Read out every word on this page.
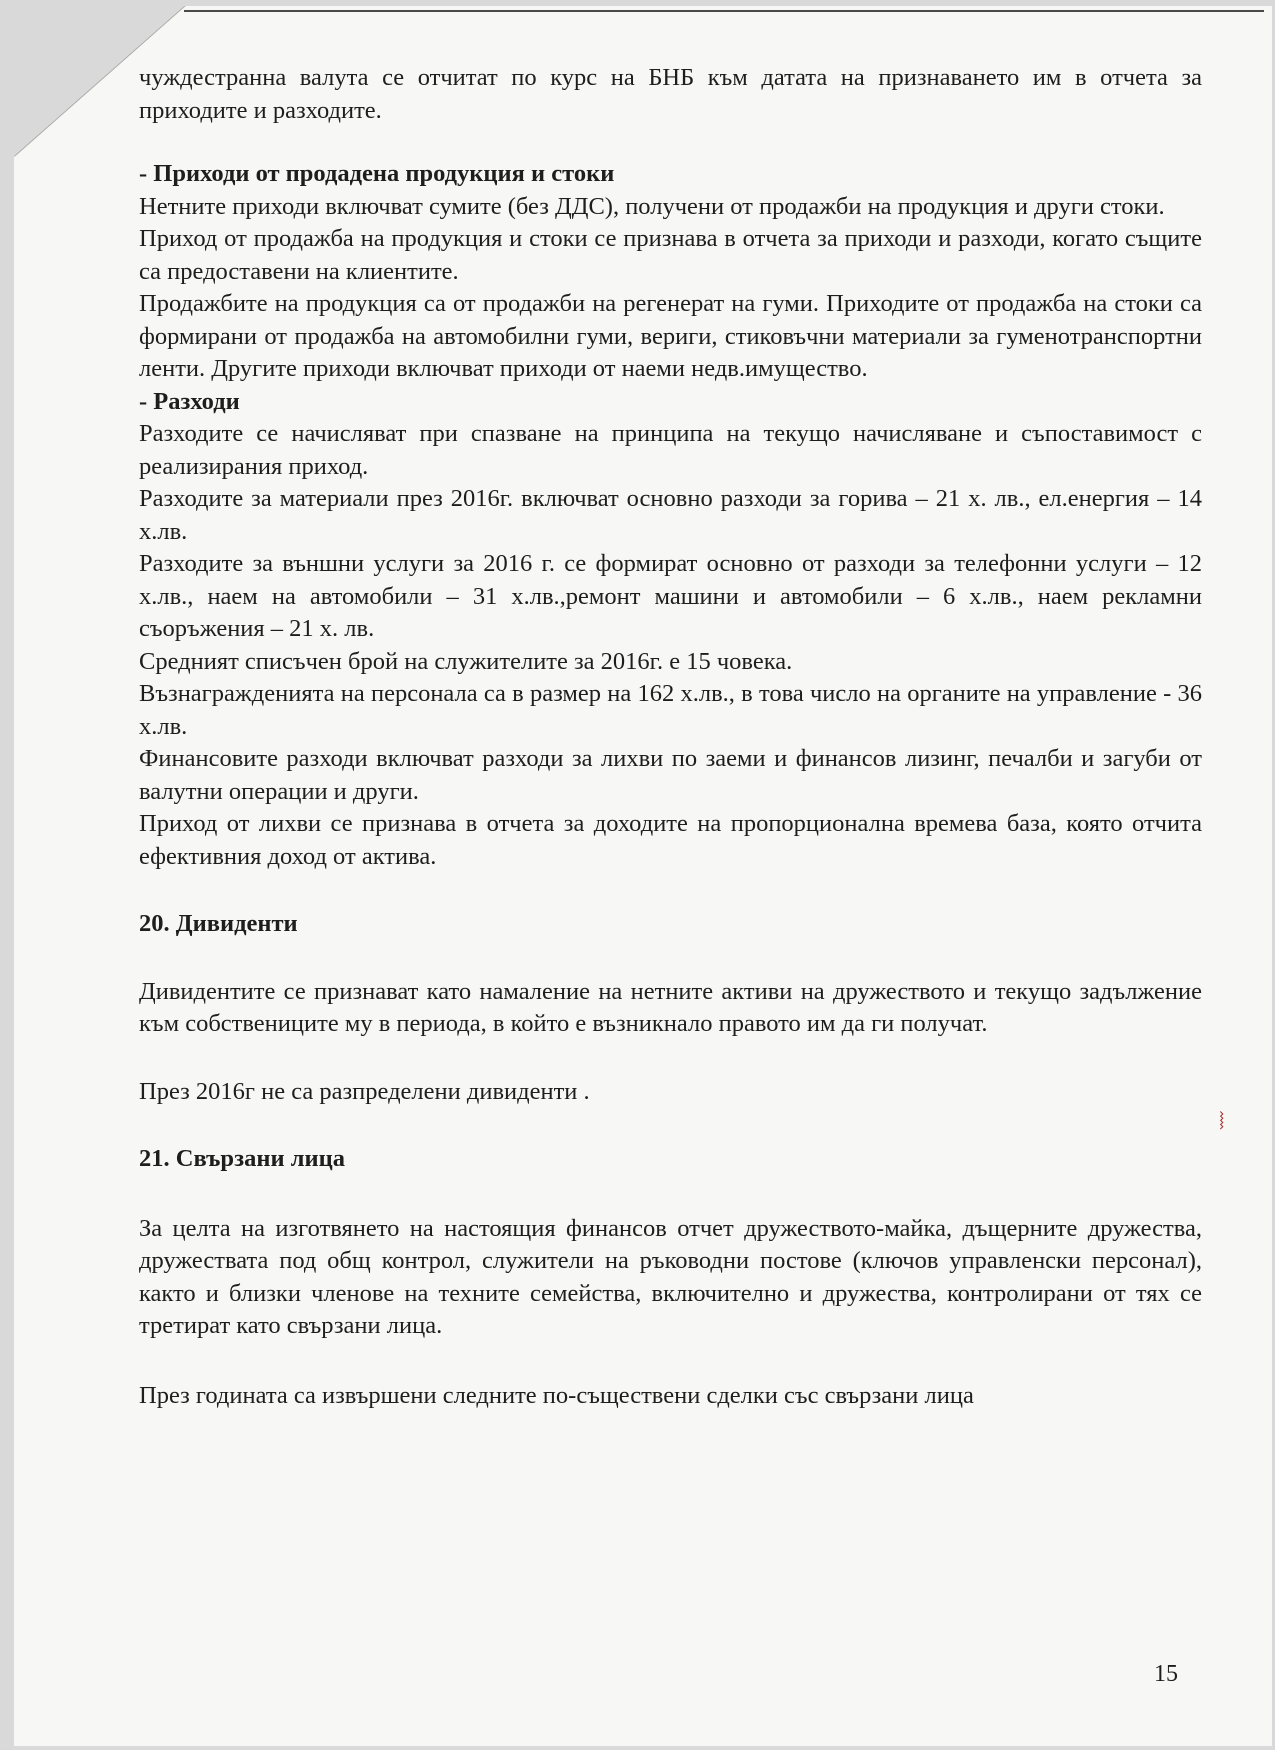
чуждестранна валута се отчитат по курс на БНБ към датата на признаването им в отчета за приходите и разходите.

- Приходи от продадена продукция и стоки

Нетните приходи включват сумите (без ДДС), получени от продажби на продукция и други стоки.

Приход от продажба на продукция и стоки се признава в отчета за приходи и разходи, когато същите са предоставени на клиентите.

Продажбите на продукция са от продажби на регенерат на гуми. Приходите от продажба на стоки са формирани от продажба на автомобилни гуми, вериги, стиковъчни материали за гуменотранспортни ленти. Другите приходи включват приходи от наеми недв.имущество.

- Разходи

Разходите се начисляват при спазване на принципа на текущо начисляване и съпоставимост с реализирания приход.

Разходите за материали през 2016г. включват основно разходи за горива – 21 х. лв., ел.енергия – 14 х.лв.

Разходите за външни услуги за 2016 г. се формират основно от разходи за телефонни услуги – 12 х.лв., наем на автомобили – 31 х.лв.,ремонт машини и автомобили – 6 х.лв., наем рекламни съоръжения – 21 х. лв.

Средният списъчен брой на служителите за 2016г. е 15 човека.

Възнагражденията на персонала са в размер на 162 х.лв., в това число на органите на управление - 36 х.лв.

Финансовите разходи включват разходи за лихви по заеми и финансов лизинг, печалби и загуби от валутни операции и други.

Приход от лихви се признава в отчета за доходите на пропорционална времева база, която отчита ефективния доход от актива.

20. Дивиденти

Дивидентите се признават като намаление на нетните активи на дружеството и текущо задължение към собствениците му в периода, в който е възникнало правото им да ги получат.

През 2016г не са разпределени дивиденти .

21. Свързани лица

За целта на изготвянето на настоящия финансов отчет дружеството-майка, дъщерните дружества, дружествата под общ контрол, служители на ръководни постове (ключов управленски персонал), както и близки членове на техните семейства, включително и дружества, контролирани от тях се третират като свързани лица.

През годината са извършени следните по-съществени сделки със свързани лица

⧘
15
